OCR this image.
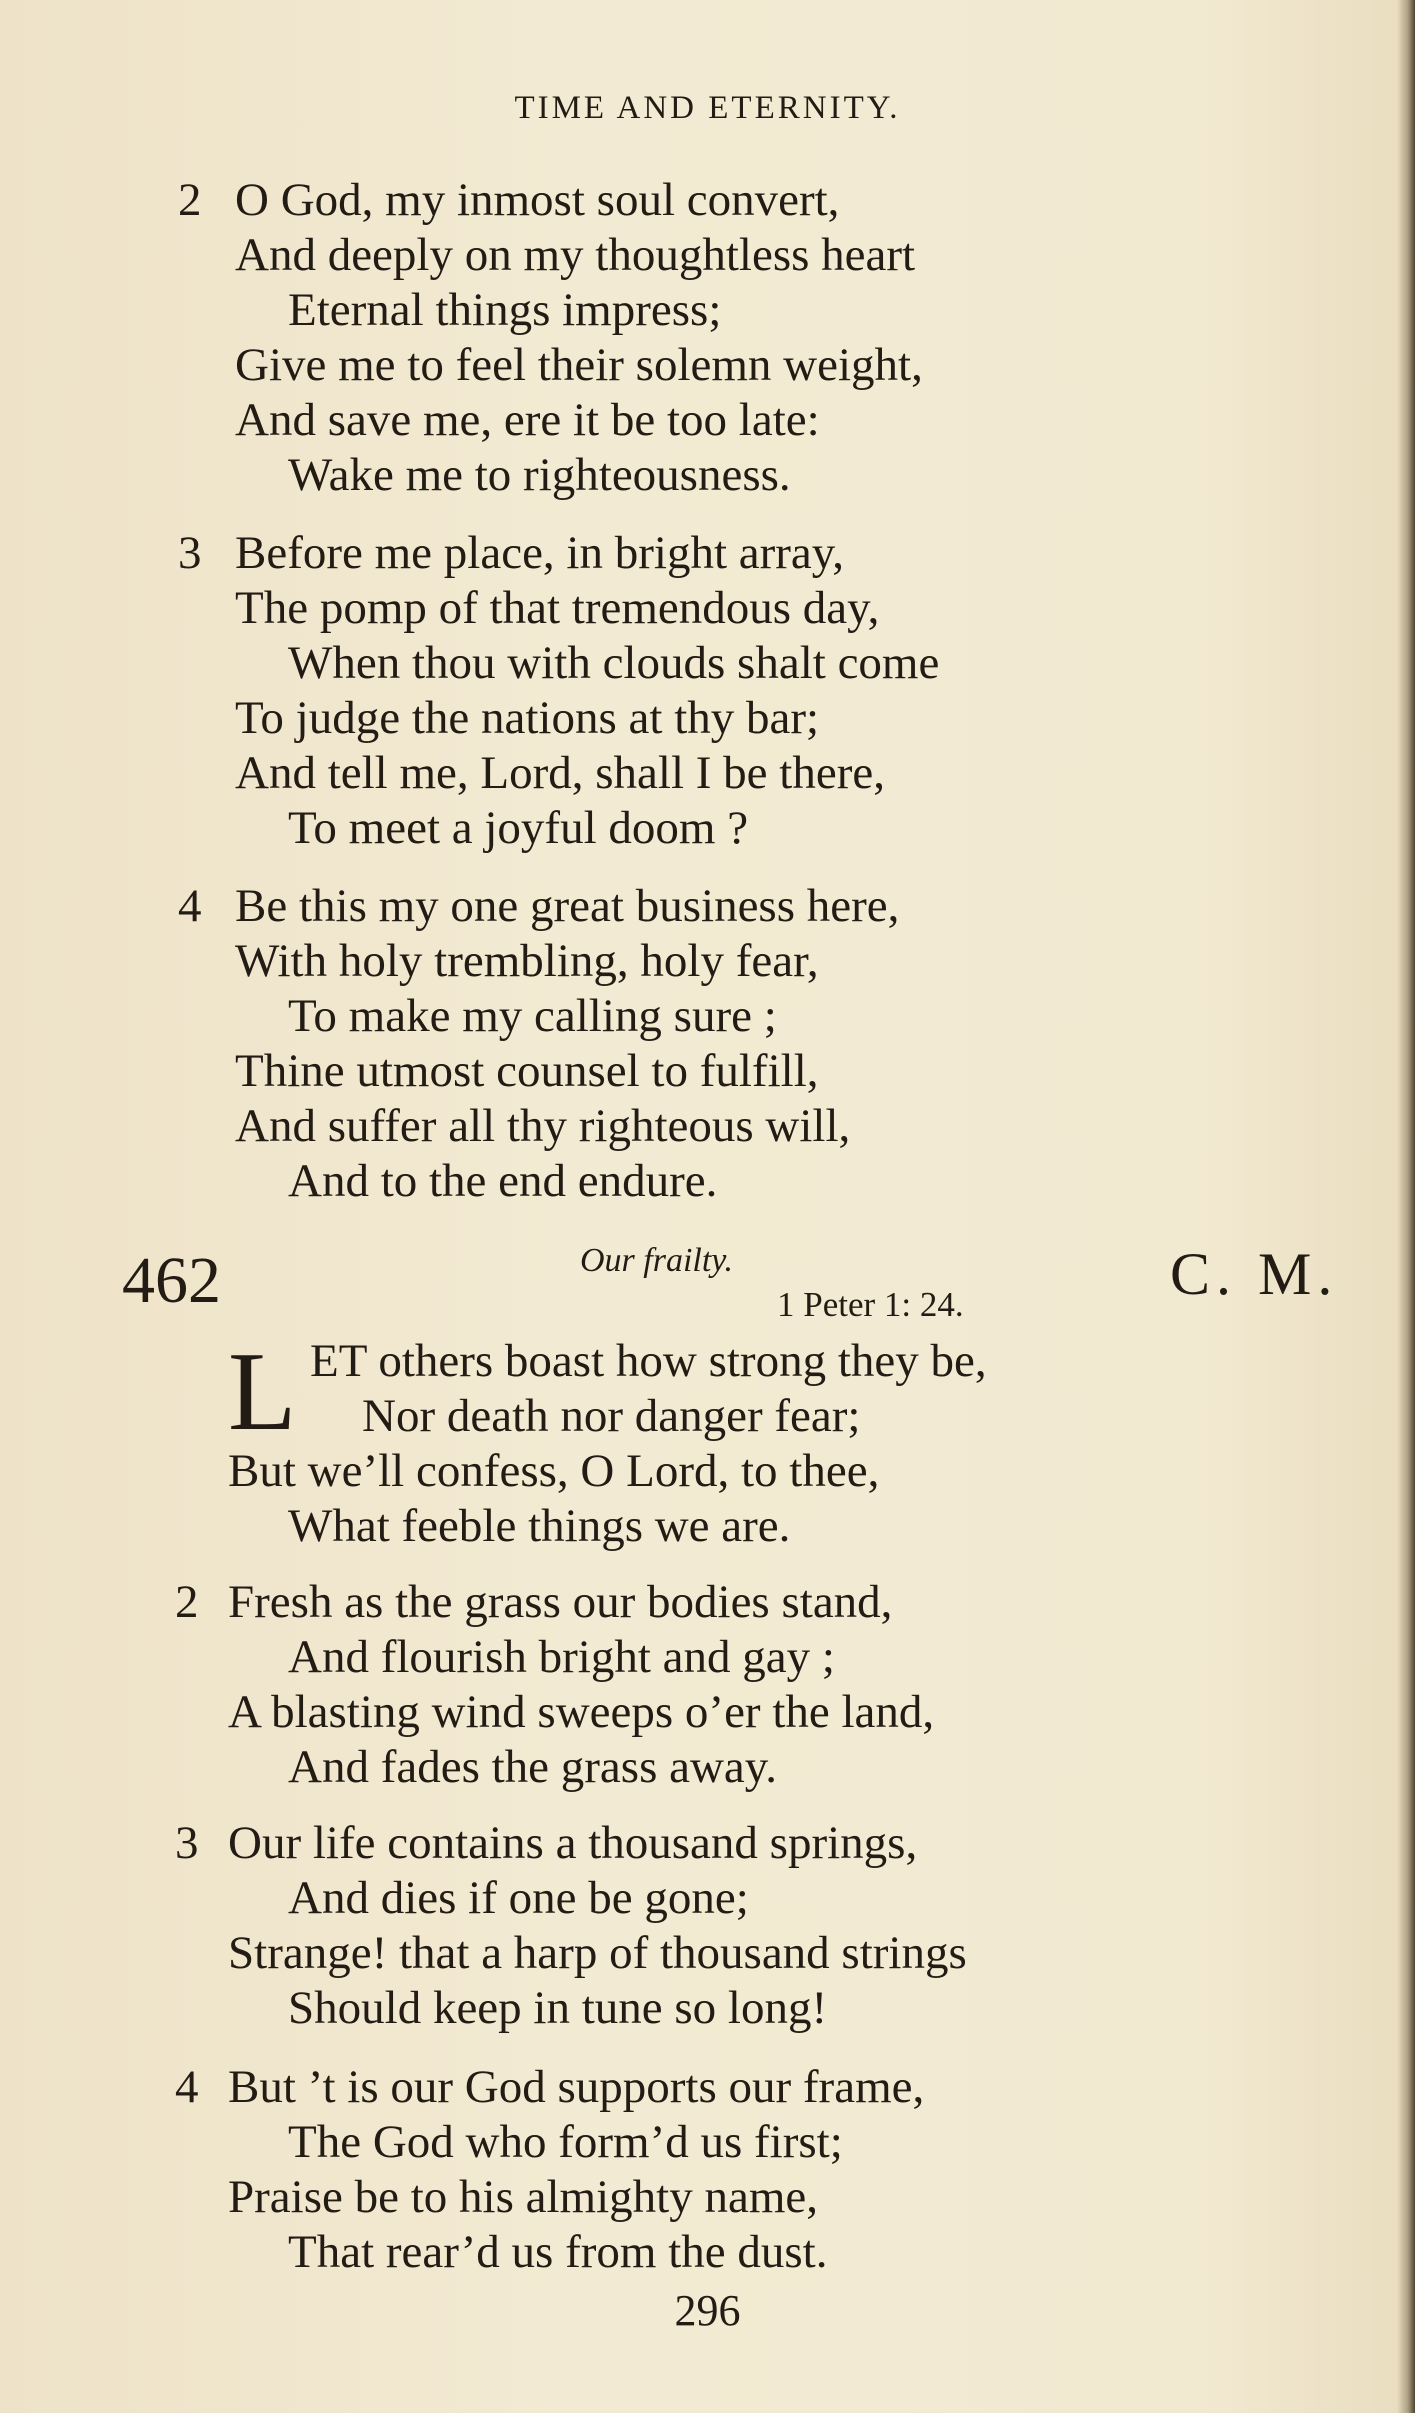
TIME AND ETERNITY.
2 O God, my inmost soul convert,
And deeply on my thoughtless heart
Eternal things impress;
Give me to feel their solemn weight,
And save me, ere it be too late:
Wake me to righteousness.
3 Before me place, in bright array,
The pomp of that tremendous day,
When thou with clouds shalt come
To judge the nations at thy bar;
And tell me, Lord, shall I be there,
To meet a joyful doom ?
4 Be this my one great business here,
With holy trembling, holy fear,
To make my calling sure ;
Thine utmost counsel to fulfill,
And suffer all thy righteous will,
And to the end endure.
462	Our frailty.
1 Peter 1: 24.	C. M.
L ET others boast how strong they be,
Nor death nor danger fear;
But we’ll confess, O Lord, to thee,
What feeble things we are.
2 Fresh as the grass our bodies stand,
And flourish bright and gay ;
A blasting wind sweeps o’er the land,
And fades the grass away.
3 Our life contains a thousand springs,
And dies if one be gone;
Strange! that a harp of thousand strings
Should keep in tune so long!
4 But ’t is our God supports our frame,
The God who form’d us first;
Praise be to his almighty name,
That rear’d us from the dust.
296
